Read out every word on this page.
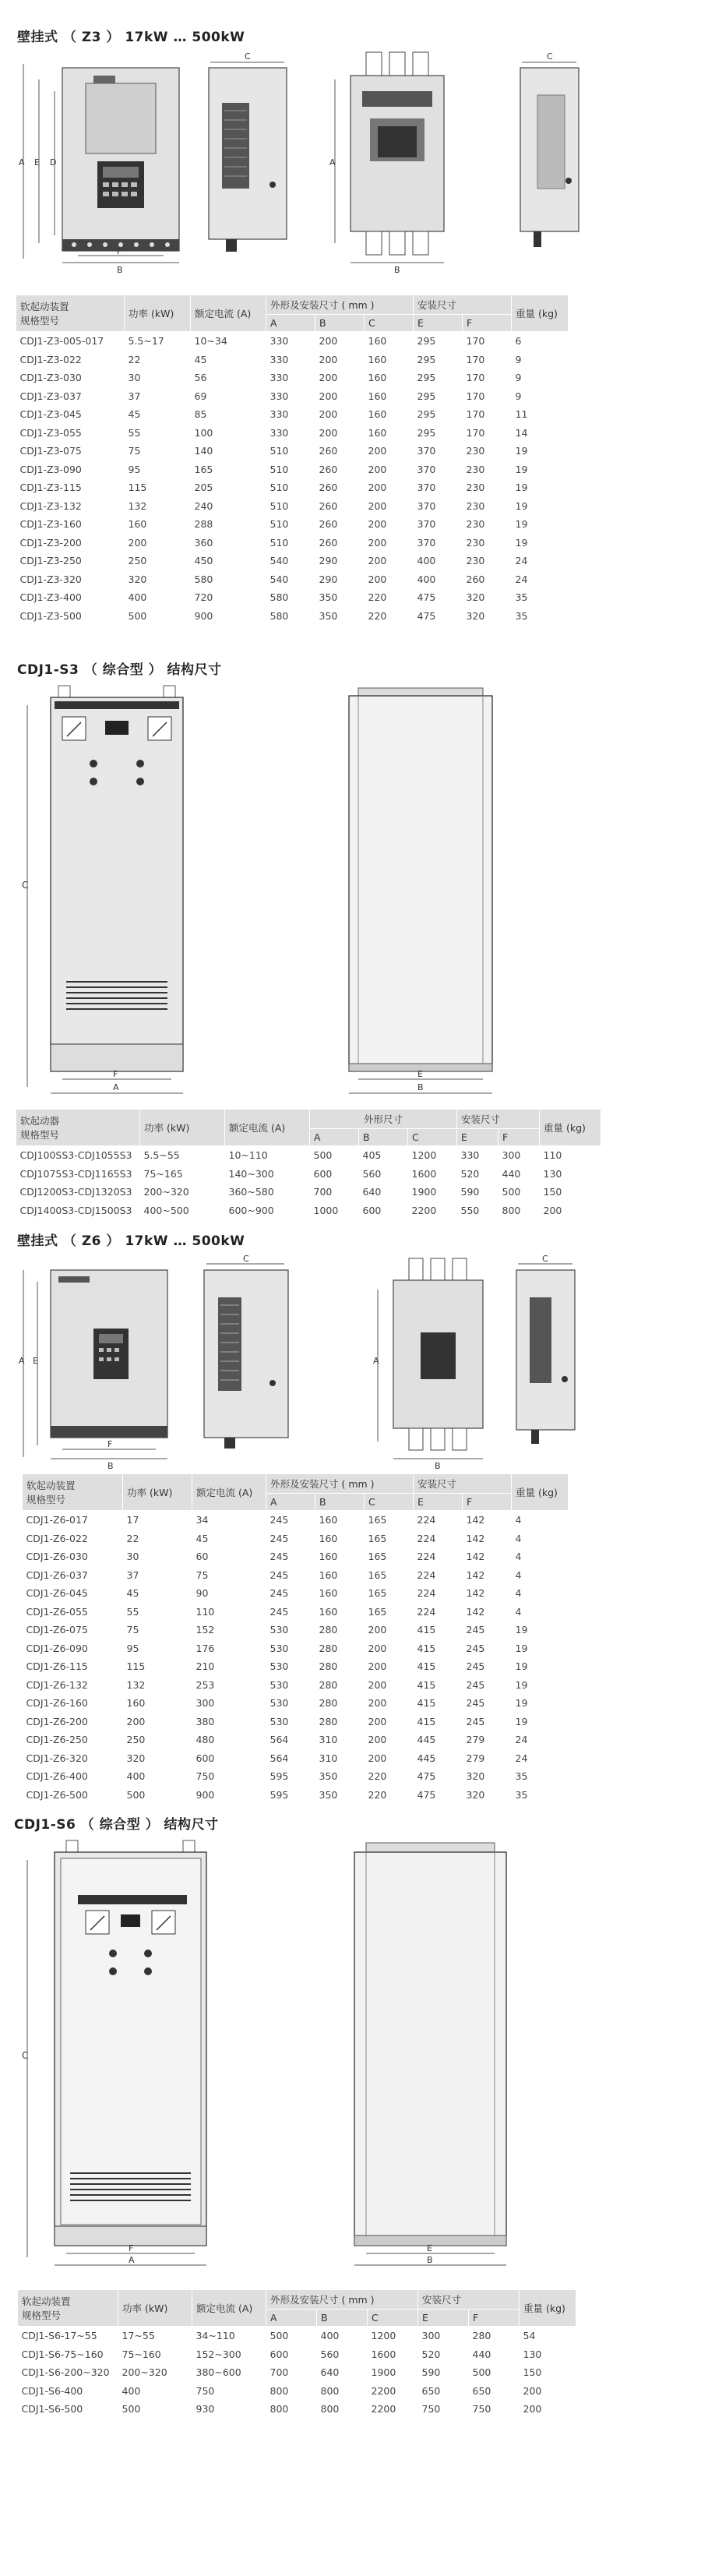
壁挂式 （ Z3 ） 17kW … 500kW
A E D
B
F
C
A
B
C
软起动装置
规格型号	功率 (kW)	额定电流 (A)	外形及安装尺寸 ( mm )			安装尺寸		重量 (kg)
			A	B	C	E	F	
CDJ1-Z3-005-017	5.5~17	10~34	330	200	160	295	170	6
CDJ1-Z3-022	22	45	330	200	160	295	170	9
CDJ1-Z3-030	30	56	330	200	160	295	170	9
CDJ1-Z3-037	37	69	330	200	160	295	170	9
CDJ1-Z3-045	45	85	330	200	160	295	170	11
CDJ1-Z3-055	55	100	330	200	160	295	170	14
CDJ1-Z3-075	75	140	510	260	200	370	230	19
CDJ1-Z3-090	95	165	510	260	200	370	230	19
CDJ1-Z3-115	115	205	510	260	200	370	230	19
CDJ1-Z3-132	132	240	510	260	200	370	230	19
CDJ1-Z3-160	160	288	510	260	200	370	230	19
CDJ1-Z3-200	200	360	510	260	200	370	230	19
CDJ1-Z3-250	250	450	540	290	200	400	230	24
CDJ1-Z3-320	320	580	540	290	200	400	260	24
CDJ1-Z3-400	400	720	580	350	220	475	320	35
CDJ1-Z3-500	500	900	580	350	220	475	320	35
CDJ1-S3 （ 综合型 ） 结构尺寸
C
F
A
E
B
软起动器
规格型号	功率 (kW)	额定电流 (A)	外形尺寸			安装尺寸		重量 (kg)
			A	B	C	E	F	
CDJ100SS3-CDJ1055S3	5.5~55	10~110	500	405	1200	330	300	110
CDJ1075S3-CDJ1165S3	75~165	140~300	600	560	1600	520	440	130
CDJ1200S3-CDJ1320S3	200~320	360~580	700	640	1900	590	500	150
CDJ1400S3-CDJ1500S3	400~500	600~900	1000	600	2200	550	800	200
壁挂式 （ Z6 ） 17kW … 500kW
A E
B
F
C
A
B
C
软起动装置
规格型号	功率 (kW)	额定电流 (A)	外形及安装尺寸 ( mm )			安装尺寸		重量 (kg)
			A	B	C	E	F	
CDJ1-Z6-017	17	34	245	160	165	224	142	4
CDJ1-Z6-022	22	45	245	160	165	224	142	4
CDJ1-Z6-030	30	60	245	160	165	224	142	4
CDJ1-Z6-037	37	75	245	160	165	224	142	4
CDJ1-Z6-045	45	90	245	160	165	224	142	4
CDJ1-Z6-055	55	110	245	160	165	224	142	4
CDJ1-Z6-075	75	152	530	280	200	415	245	19
CDJ1-Z6-090	95	176	530	280	200	415	245	19
CDJ1-Z6-115	115	210	530	280	200	415	245	19
CDJ1-Z6-132	132	253	530	280	200	415	245	19
CDJ1-Z6-160	160	300	530	280	200	415	245	19
CDJ1-Z6-200	200	380	530	280	200	415	245	19
CDJ1-Z6-250	250	480	564	310	200	445	279	24
CDJ1-Z6-320	320	600	564	310	200	445	279	24
CDJ1-Z6-400	400	750	595	350	220	475	320	35
CDJ1-Z6-500	500	900	595	350	220	475	320	35
CDJ1-S6 （ 综合型 ） 结构尺寸
C
F
A
E
B
软起动装置
规格型号	功率 (kW)	额定电流 (A)	外形及安装尺寸 ( mm )			安装尺寸		重量 (kg)
			A	B	C	E	F	
CDJ1-S6-17~55	17~55	34~110	500	400	1200	300	280	54
CDJ1-S6-75~160	75~160	152~300	600	560	1600	520	440	130
CDJ1-S6-200~320	200~320	380~600	700	640	1900	590	500	150
CDJ1-S6-400	400	750	800	800	2200	650	650	200
CDJ1-S6-500	500	930	800	800	2200	750	750	200
